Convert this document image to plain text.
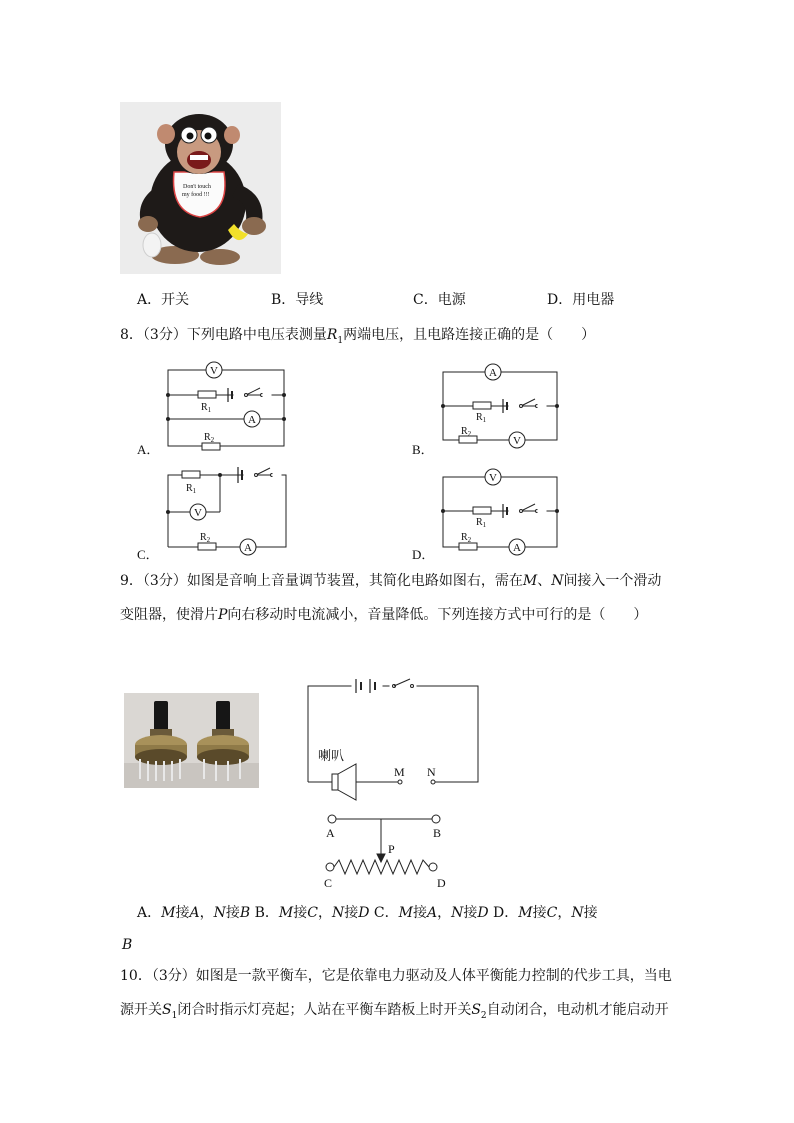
Don't touch
my food !!!
A．开关	B．导线	C．电源	D．用电器
8．（3分）下列电路中电压表测量$R_1$两端电压，且电路连接正确的是（　　）
V
$R_1$
A
$R_2$
A．
A
$R_1$
$R_2$
V
B．
$R_1$
V
$R_2$
A
C．
V
$R_1$
$R_2$
A
D．
9．（3分）如图是音响上音量调节装置，其简化电路如图右，需在M、N间接入一个滑动
变阻器，使滑片P向右移动时电流减小，音量降低。下列连接方式中可行的是（　　）
喇叭
M N
A	B
P
C	D
A．M接A，N接B B．M接C，N接D C．M接A，N接D D．M接C，N接
B
10．（3分）如图是一款平衡车，它是依靠电力驱动及人体平衡能力控制的代步工具，当电
源开关$S_1$闭合时指示灯亮起；人站在平衡车踏板上时开关$S_2$自动闭合，电动机才能启动开
